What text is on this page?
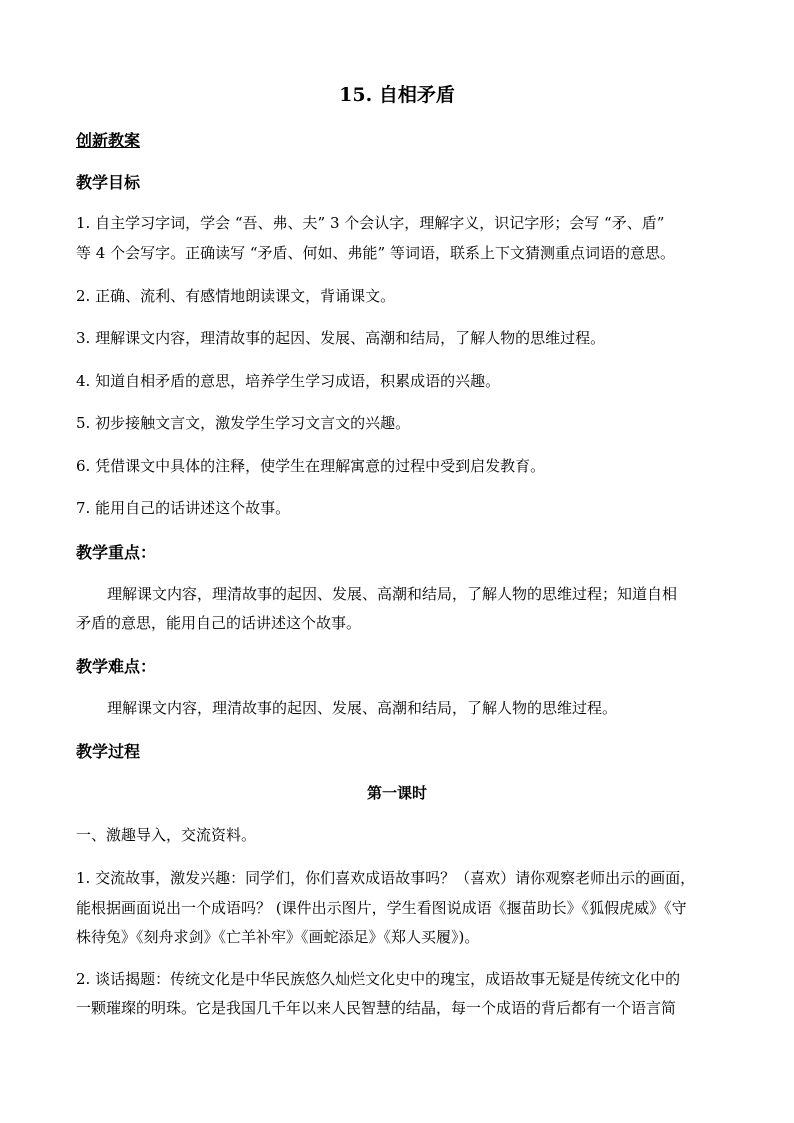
15. 自相矛盾
创新教案
教学目标
1. 自主学习字词，学会 “吾、弗、夫” 3 个会认字，理解字义，识记字形；会写 “矛、盾”
等 4 个会写字。正确读写 “矛盾、何如、弗能” 等词语，联系上下文猜测重点词语的意思。
2. 正确、流利、有感情地朗读课文，背诵课文。
3. 理解课文内容，理清故事的起因、发展、高潮和结局，了解人物的思维过程。
4. 知道自相矛盾的意思，培养学生学习成语，积累成语的兴趣。
5. 初步接触文言文，激发学生学习文言文的兴趣。
6. 凭借课文中具体的注释，使学生在理解寓意的过程中受到启发教育。
7. 能用自己的话讲述这个故事。
教学重点：
理解课文内容，理清故事的起因、发展、高潮和结局，了解人物的思维过程；知道自相
矛盾的意思，能用自己的话讲述这个故事。
教学难点：
理解课文内容，理清故事的起因、发展、高潮和结局，了解人物的思维过程。
教学过程
第一课时
一、激趣导入，交流资料。
1. 交流故事，激发兴趣：同学们，你们喜欢成语故事吗？（喜欢）请你观察老师出示的画面，
能根据画面说出一个成语吗？ (课件出示图片，学生看图说成语《揠苗助长》《狐假虎威》《守
株待兔》《刻舟求剑》《亡羊补牢》《画蛇添足》《郑人买履》)。
2. 谈话揭题：传统文化是中华民族悠久灿烂文化史中的瑰宝，成语故事无疑是传统文化中的
一颗璀璨的明珠。它是我国几千年以来人民智慧的结晶，每一个成语的背后都有一个语言简
